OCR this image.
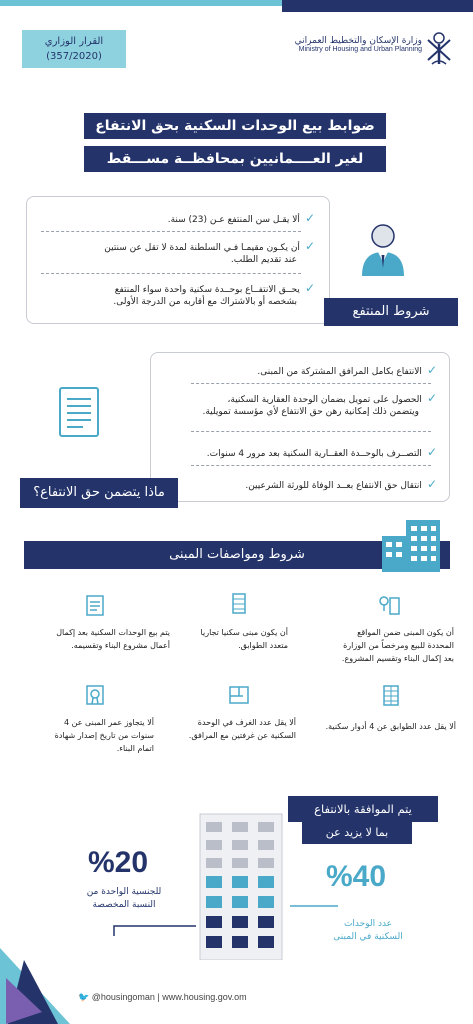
القرار الوزاري
(357/2020)
وزارة الإسكان والتخطيط العمراني
Ministry of Housing and Urban Planning
ضوابط بيع الوحدات السكنية بحق الانتفاع
لغير العــــمانيين بمحافظــة مســـقط
✓ألا يقـل سن المنتفع عـن (23) سنة.
✓أن يكـون مقيمـا فـي السلطنة لمدة لا تقل عن سنتين
عند تقديم الطلب.
✓يحــق الانتفــاع بوحــدة سكنية واحدة سواء المنتفع
بشخصه أو بالاشتراك مع أقاربه من الدرجة الأولى.
شروط المنتفع
✓الانتفاع بكامل المرافق المشتركة من المبنى.
✓الحصول على تمويل بضمان الوحدة العقارية السكنية،
ويتضمن ذلك إمكانية رهن حق الانتفاع لأي مؤسسة تمويلية.
✓التصــرف بالوحــدة العقــارية السكنية بعد مرور 4 سنوات.
✓انتقال حق الانتفاع بعــد الوفاة للورثة الشرعيين.
ماذا يتضمن حق الانتفاع؟
شروط ومواصفات المبنى
أن يكون المبنى ضمن المواقع
المحددة للبيع ومرخصاً من الوزارة
بعد إكمال البناء وتقسيم المشروع.
أن يكون مبنى سكنيا تجاريا
متعدد الطوابق.
يتم بيع الوحدات السكنية بعد إكمال
أعمال مشروع البناء وتقسيمه.
ألا يقل عدد الطوابق عن 4 أدوار سكنية.
ألا يقل عدد الغرف في الوحدة
السكنية عن غرفتين مع المرافق.
ألا يتجاوز عمر المبنى عن 4
سنوات من تاريخ إصدار شهادة
اتمام البناء.
يتم الموافقة بالانتفاع
بما لا يزيد عن
%40
عدد الوحدات
السكنية في المبنى
%20
للجنسية الواحدة من
النسبة المخصصة
🐦 @housingoman | www.housing.gov.om
